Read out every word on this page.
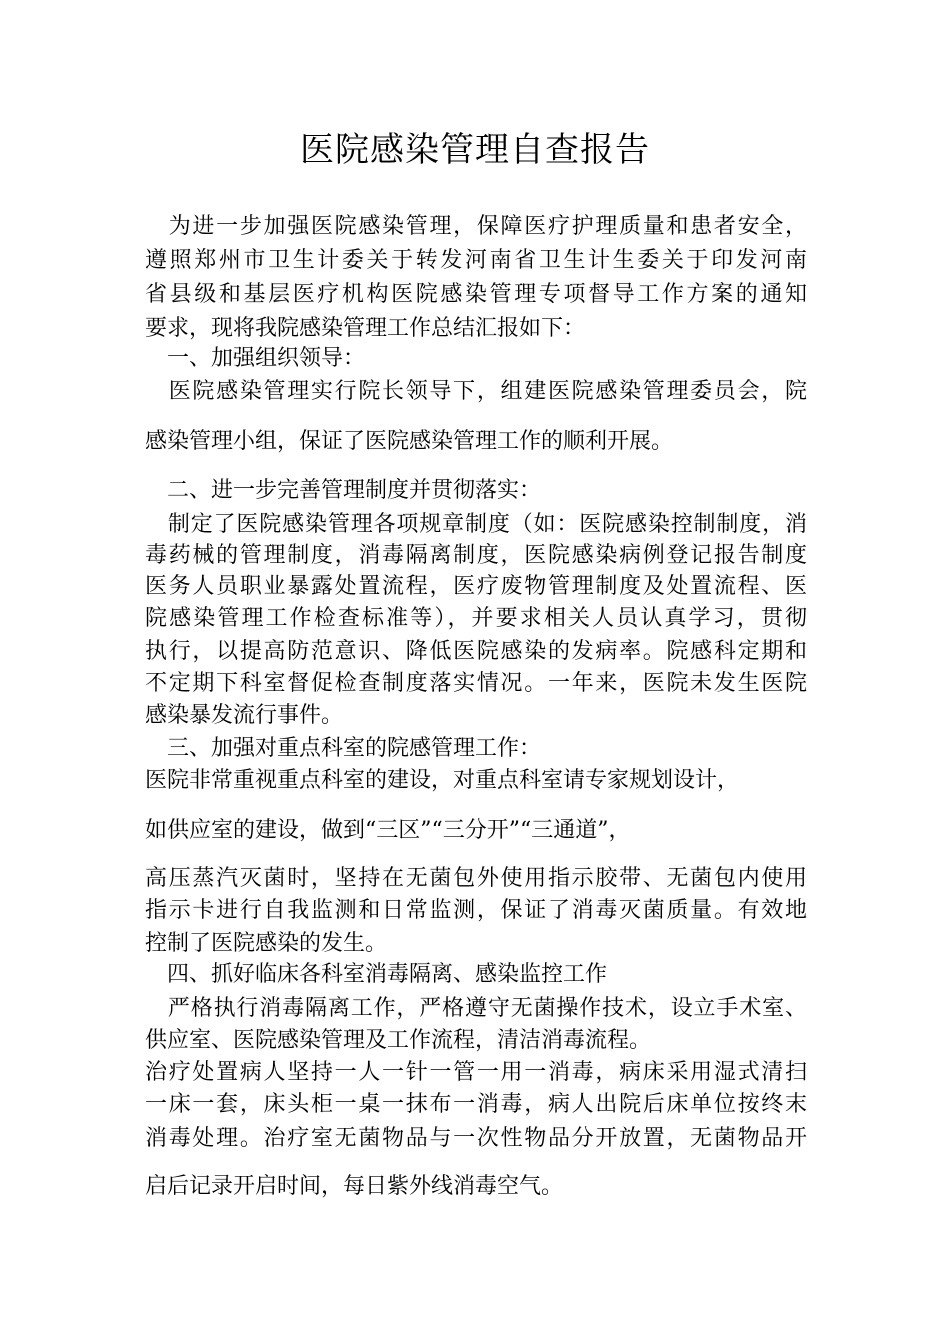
医院感染管理自查报告
　为进一步加强医院感染管理，保障医疗护理质量和患者安全，
遵照郑州市卫生计委关于转发河南省卫生计生委关于印发河南
省县级和基层医疗机构医院感染管理专项督导工作方案的通知
要求，现将我院感染管理工作总结汇报如下：
　一、加强组织领导：
　医院感染管理实行院长领导下，组建医院感染管理委员会，院
感染管理小组，保证了医院感染管理工作的顺利开展。
　二、进一步完善管理制度并贯彻落实：
　制定了医院感染管理各项规章制度（如：医院感染控制制度，消
毒药械的管理制度，消毒隔离制度，医院感染病例登记报告制度
医务人员职业暴露处置流程，医疗废物管理制度及处置流程、医
院感染管理工作检查标准等），并要求相关人员认真学习，贯彻
执行，以提高防范意识、降低医院感染的发病率。院感科定期和
不定期下科室督促检查制度落实情况。一年来，医院未发生医院
感染暴发流行事件。
　三、加强对重点科室的院感管理工作：
医院非常重视重点科室的建设，对重点科室请专家规划设计，
如供应室的建设，做到“三区”“三分开”“三通道”，
高压蒸汽灭菌时，坚持在无菌包外使用指示胶带、无菌包内使用
指示卡进行自我监测和日常监测，保证了消毒灭菌质量。有效地
控制了医院感染的发生。
　四、抓好临床各科室消毒隔离、感染监控工作
　严格执行消毒隔离工作，严格遵守无菌操作技术，设立手术室、
供应室、医院感染管理及工作流程，清洁消毒流程。
治疗处置病人坚持一人一针一管一用一消毒，病床采用湿式清扫
一床一套，床头柜一桌一抹布一消毒，病人出院后床单位按终末
消毒处理。治疗室无菌物品与一次性物品分开放置，无菌物品开
启后记录开启时间，每日紫外线消毒空气。
